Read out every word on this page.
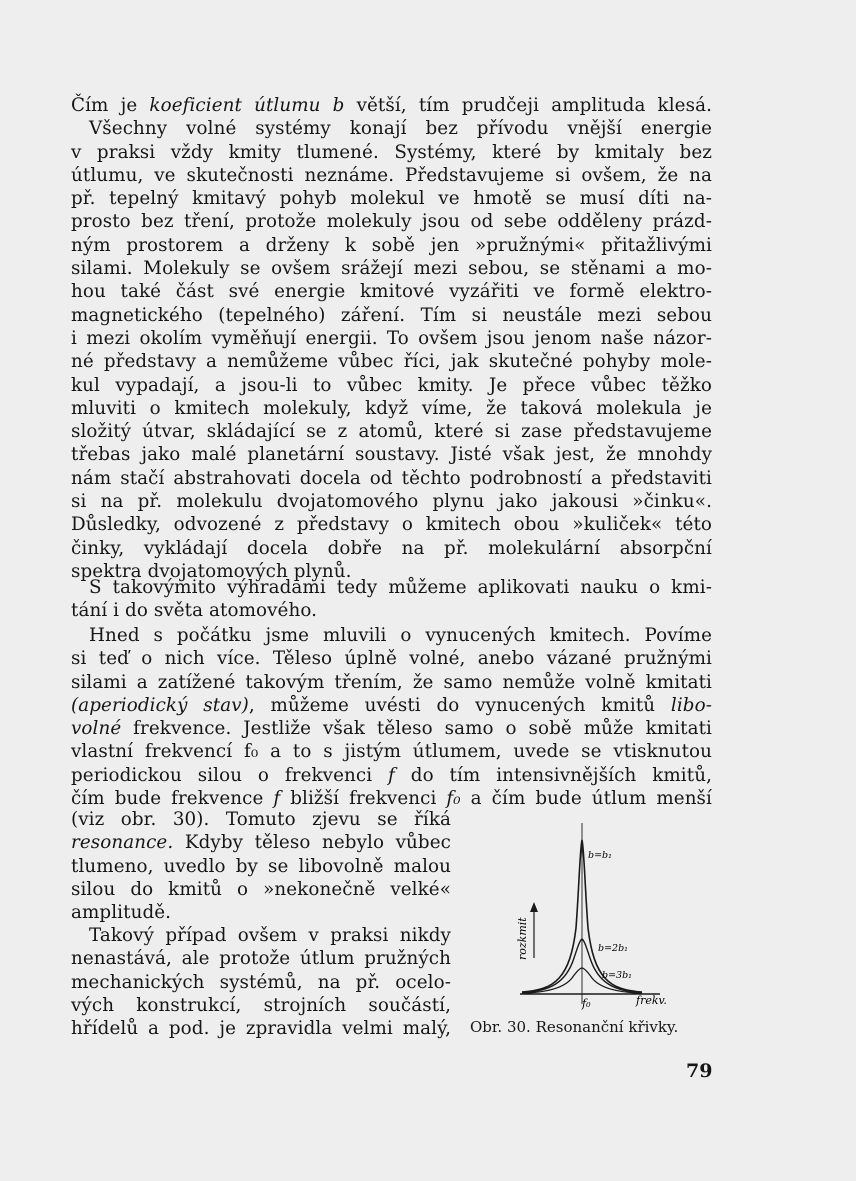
Čím je koeficient útlumu b větší, tím prudčeji amplituda klesá.
Všechny volné systémy konají bez přívodu vnější energie
v praksi vždy kmity tlumené. Systémy, které by kmitaly bez
útlumu, ve skutečnosti neznáme. Představujeme si ovšem, že na
př. tepelný kmitavý pohyb molekul ve hmotě se musí díti na-
prosto bez tření, protože molekuly jsou od sebe odděleny prázd-
ným prostorem a drženy k sobě jen »pružnými« přitažlivými
silami. Molekuly se ovšem srážejí mezi sebou, se stěnami a mo-
hou také část své energie kmitové vyzářiti ve formě elektro-
magnetického (tepelného) záření. Tím si neustále mezi sebou
i mezi okolím vyměňují energii. To ovšem jsou jenom naše názor-
né představy a nemůžeme vůbec říci, jak skutečné pohyby mole-
kul vypadají, a jsou-li to vůbec kmity. Je přece vůbec těžko
mluviti o kmitech molekuly, když víme, že taková molekula je
složitý útvar, skládající se z atomů, které si zase představujeme
třebas jako malé planetární soustavy. Jisté však jest, že mnohdy
nám stačí abstrahovati docela od těchto podrobností a představiti
si na př. molekulu dvojatomového plynu jako jakousi »činku«.
Důsledky, odvozené z představy o kmitech obou »kuliček« této
činky, vykládají docela dobře na př. molekulární absorpční
spektra dvojatomových plynů.
S takovýmito výhradami tedy můžeme aplikovati nauku o kmi-
tání i do světa atomového.
Hned s počátku jsme mluvili o vynucených kmitech. Povíme
si teď o nich více. Těleso úplně volné, anebo vázané pružnými
silami a zatížené takovým třením, že samo nemůže volně kmitati
(aperiodický stav), můžeme uvésti do vynucených kmitů libo-
volné frekvence. Jestliže však těleso samo o sobě může kmitati
vlastní frekvencí f₀ a to s jistým útlumem, uvede se vtisknutou
periodickou silou o frekvenci f do tím intensivnějších kmitů,
čím bude frekvence f bližší frekvenci f₀ a čím bude útlum menší
(viz obr. 30). Tomuto zjevu se říká
resonance. Kdyby těleso nebylo vůbec
tlumeno, uvedlo by se libovolně malou
silou do kmitů o »nekonečně velké«
amplitudě.
Takový případ ovšem v praksi nikdy
nenastává, ale protože útlum pružných
mechanických systémů, na př. ocelo-
vých konstrukcí, strojních součástí,
hřídelů a pod. je zpravidla velmi malý,
rozkmit
b=b₁
b=2b₁
b=3b₁
f₀	frekv.
Obr. 30. Resonanční křivky.
79
